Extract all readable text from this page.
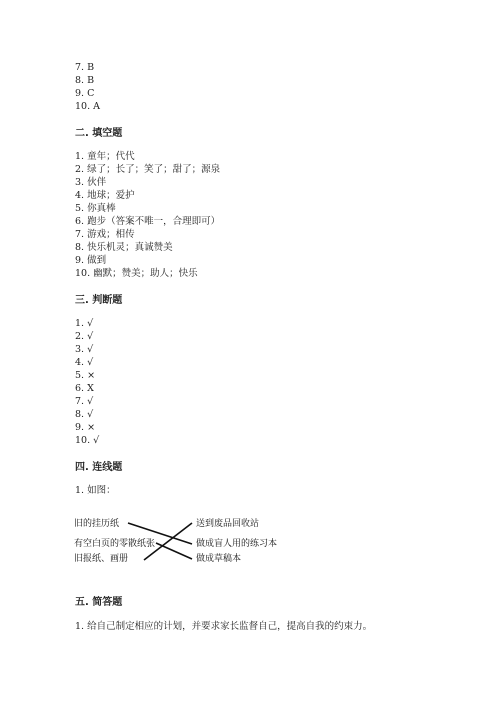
7. B
8. B
9. C
10. A
二. 填空题
1. 童年；代代
2. 绿了；长了；笑了；甜了；源泉
3. 伙伴
4. 地球；爱护
5. 你真棒
6. 跑步（答案不唯一，合理即可）
7. 游戏；相传
8. 快乐机灵；真诚赞美
9. 做到
10. 幽默；赞美；助人；快乐
三. 判断题
1. √
2. √
3. √
4. √
5. ×
6. X
7. √
8. √
9. ×
10. √
四. 连线题
1. 如图：
旧的挂历纸
有空白页的零散纸张
旧报纸、画册
送到废品回收站
做成盲人用的练习本
做成草稿本
五. 简答题
1. 给自己制定相应的计划，并要求家长监督自己，提高自我的约束力。
